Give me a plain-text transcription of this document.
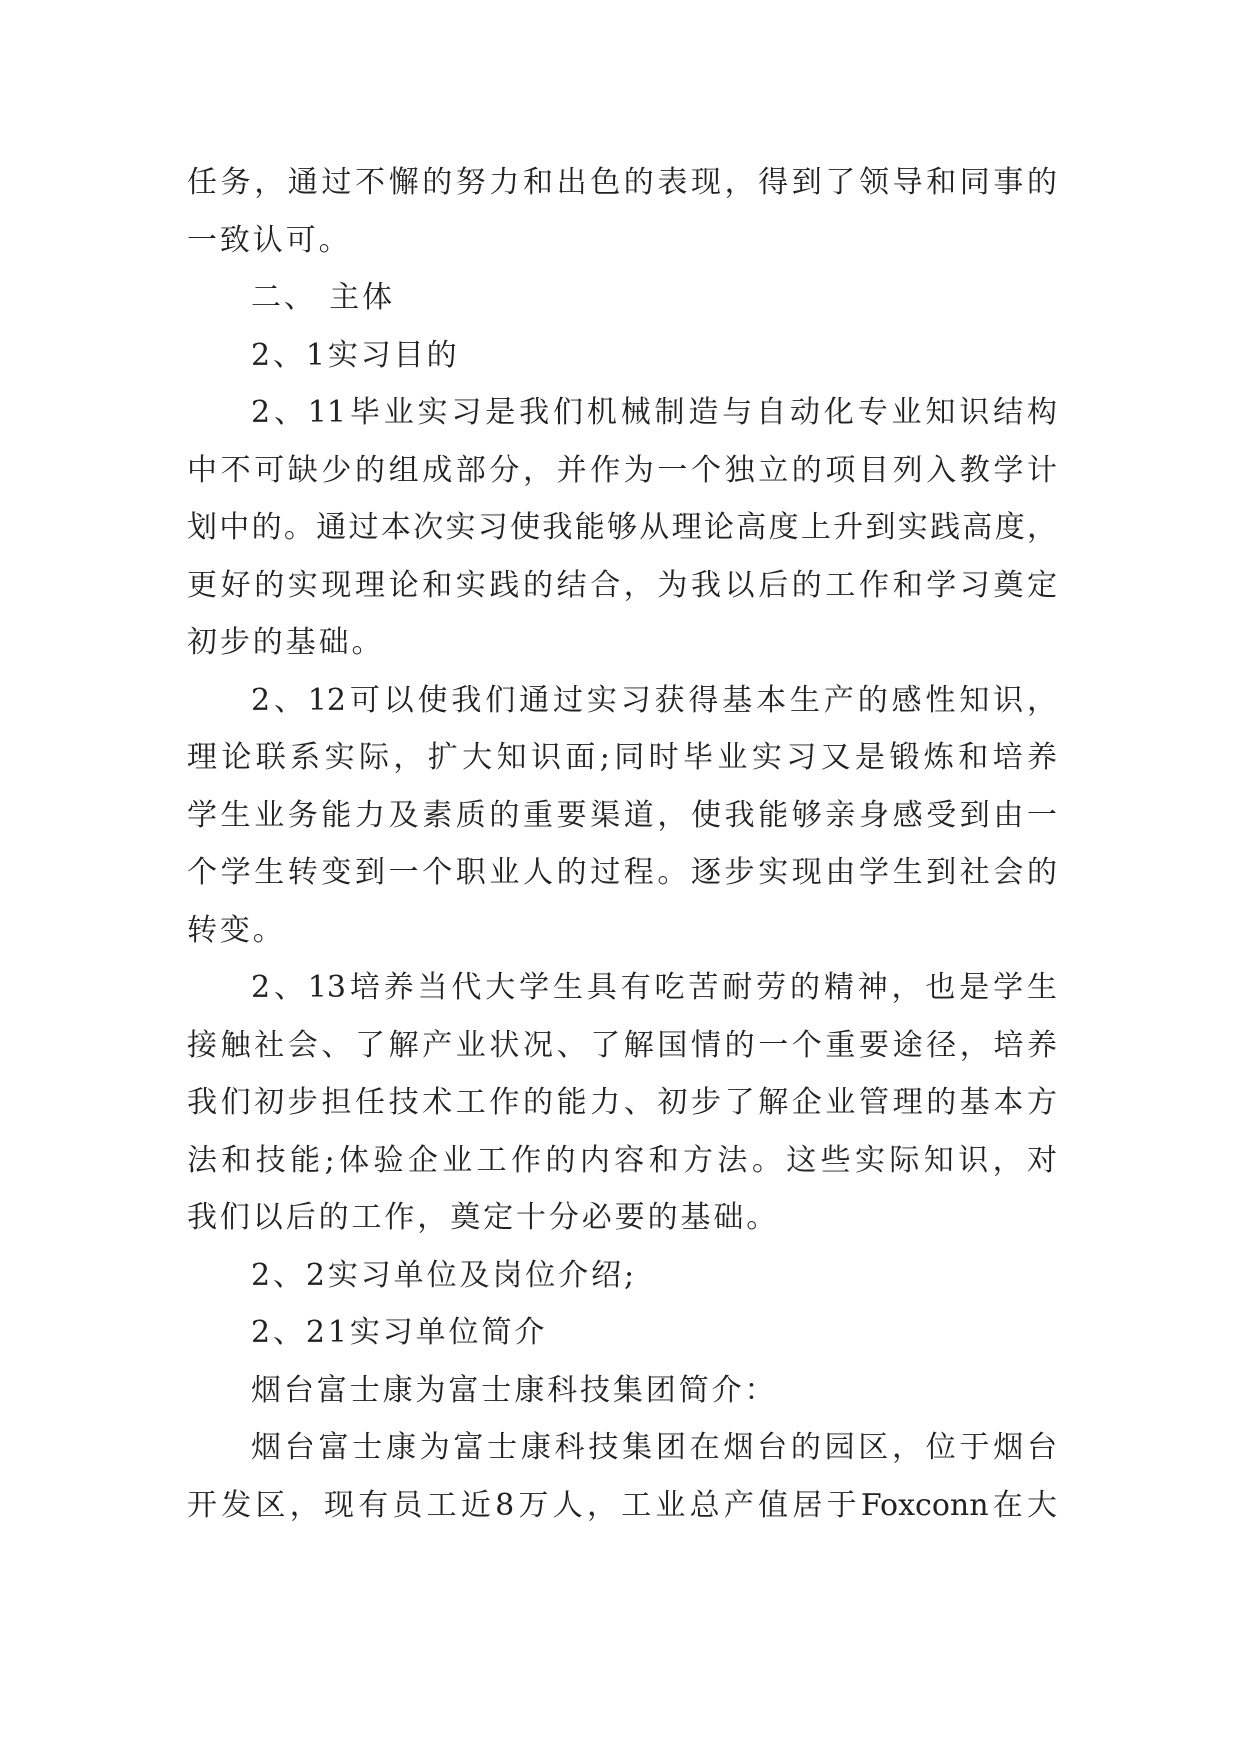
任务，通过不懈的努力和出色的表现，得到了领导和同事的
一致认可。
二、 主体
2、1实习目的
2、11毕业实习是我们机械制造与自动化专业知识结构
中不可缺少的组成部分，并作为一个独立的项目列入教学计
划中的。通过本次实习使我能够从理论高度上升到实践高度，
更好的实现理论和实践的结合，为我以后的工作和学习奠定
初步的基础。
2、12可以使我们通过实习获得基本生产的感性知识，
理论联系实际，扩大知识面;同时毕业实习又是锻炼和培养
学生业务能力及素质的重要渠道，使我能够亲身感受到由一
个学生转变到一个职业人的过程。逐步实现由学生到社会的
转变。
2、13培养当代大学生具有吃苦耐劳的精神，也是学生
接触社会、了解产业状况、了解国情的一个重要途径，培养
我们初步担任技术工作的能力、初步了解企业管理的基本方
法和技能;体验企业工作的内容和方法。这些实际知识，对
我们以后的工作，奠定十分必要的基础。
2、2实习单位及岗位介绍;
2、21实习单位简介
烟台富士康为富士康科技集团简介：
烟台富士康为富士康科技集团在烟台的园区，位于烟台
开发区，现有员工近8万人，工业总产值居于Foxconn在大
